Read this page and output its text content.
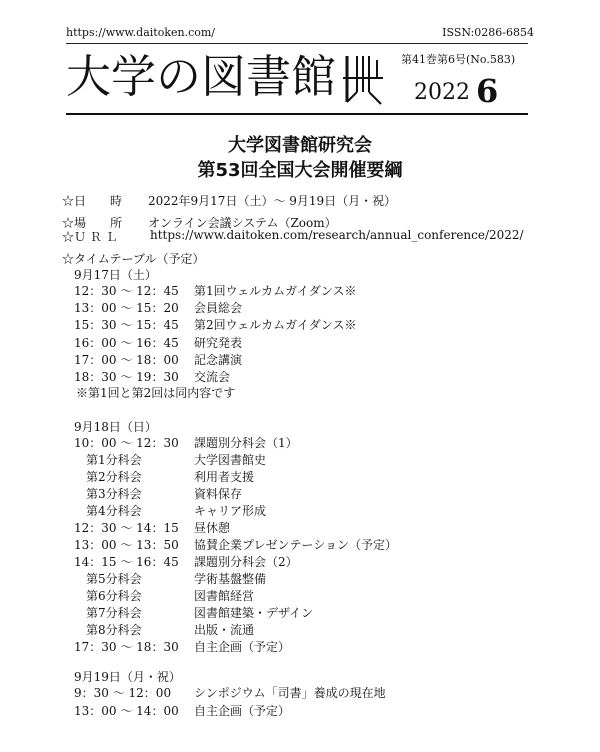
https://www.daitoken.com/	ISSN:0286-6854
大学の図書館	第41巻第6号(No.583)
2022 6
大学図書館研究会
第53回全国大会開催要綱
☆日　　時 2022年9月17日（土）～ 9月19日（月・祝）
☆場　　所 オンライン会議システム（Zoom）
☆Ｕ Ｒ Ｌ	https://www.daitoken.com/research/annual_conference/2022/
☆タイムテーブル（予定）
9月17日（土）
12：30 ～ 12：45 第1回ウェルカムガイダンス※
13：00 ～ 15：20 会員総会
15：30 ～ 15：45 第2回ウェルカムガイダンス※
16：00 ～ 16：45 研究発表
17：00 ～ 18：00 記念講演
18：30 ～ 19：30 交流会
※第1回と第2回は同内容です
9月18日（日）
10：00 ～ 12：30 課題別分科会（1）
第1分科会	大学図書館史
第2分科会	利用者支援
第3分科会	資料保存
第4分科会	キャリア形成
12：30 ～ 14：15 昼休憩
13：00 ～ 13：50 協賛企業プレゼンテーション（予定）
14：15 ～ 16：45 課題別分科会（2）
第5分科会	学術基盤整備
第6分科会	図書館経営
第7分科会	図書館建築・デザイン
第8分科会	出版・流通
17：30 ～ 18：30 自主企画（予定）
9月19日（月・祝）
9：30 ～ 12：00 シンポジウム「司書」養成の現在地
13：00 ～ 14：00 自主企画（予定）
